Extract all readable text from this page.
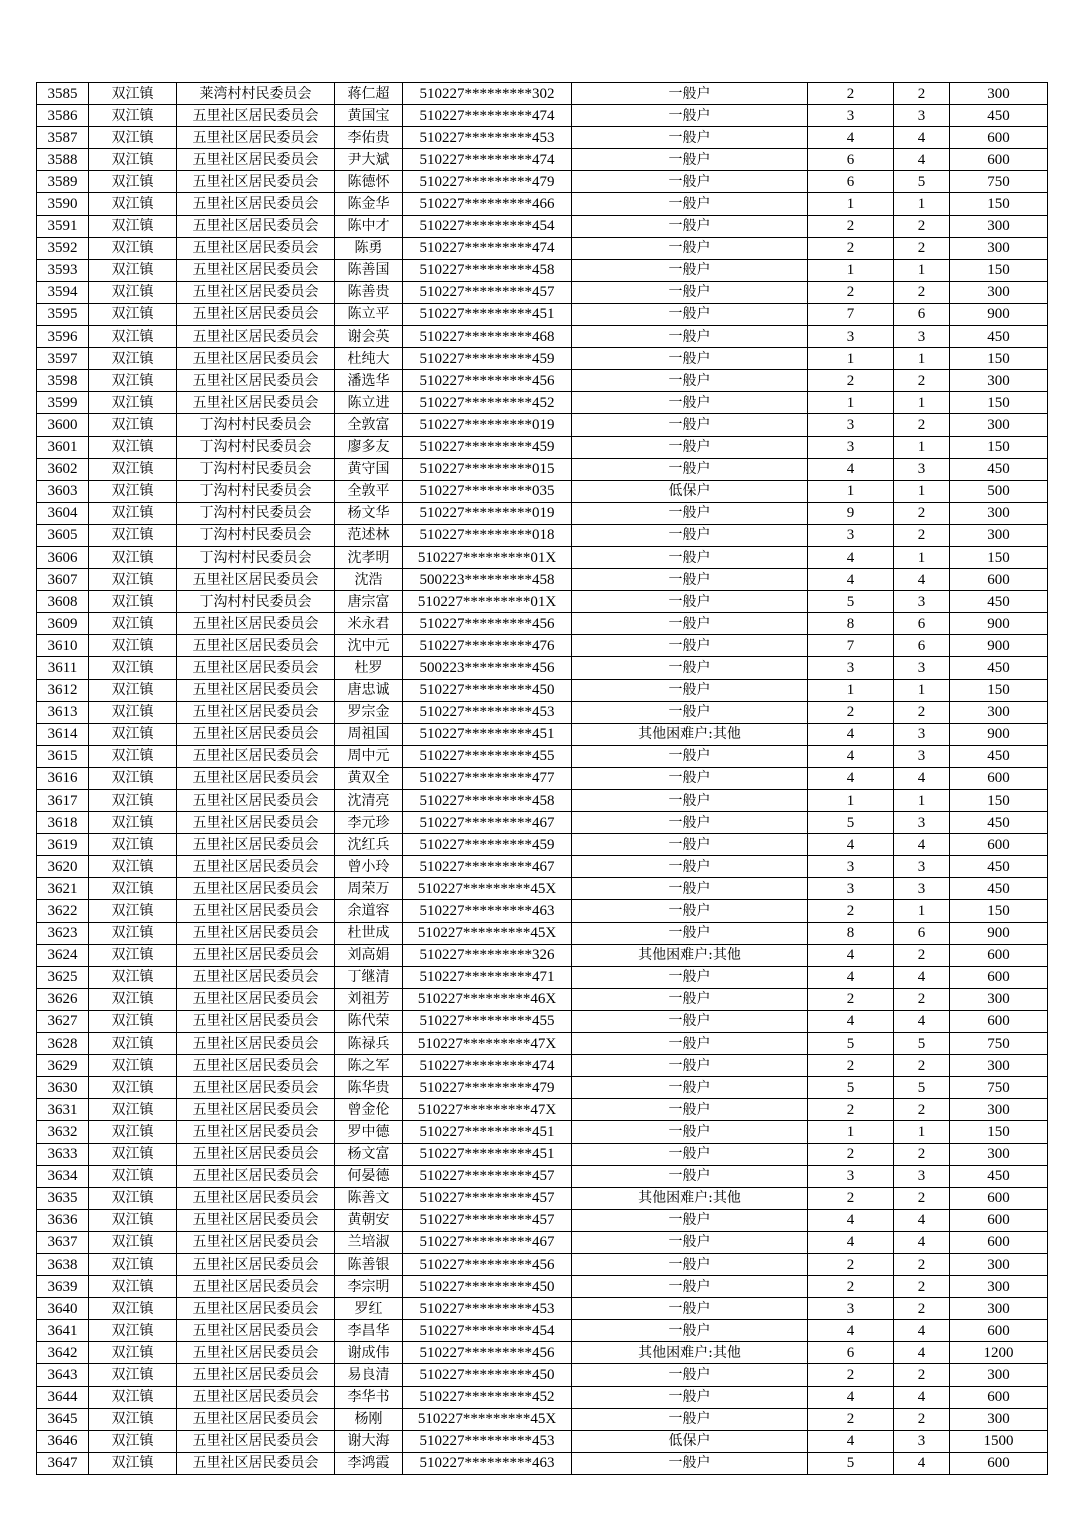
3585	双江镇	莱湾村村民委员会	蒋仁超	510227*********302	一般户	2	2	300
3586	双江镇	五里社区居民委员会	黄国宝	510227*********474	一般户	3	3	450
3587	双江镇	五里社区居民委员会	李佑贵	510227*********453	一般户	4	4	600
3588	双江镇	五里社区居民委员会	尹大斌	510227*********474	一般户	6	4	600
3589	双江镇	五里社区居民委员会	陈德怀	510227*********479	一般户	6	5	750
3590	双江镇	五里社区居民委员会	陈金华	510227*********466	一般户	1	1	150
3591	双江镇	五里社区居民委员会	陈中才	510227*********454	一般户	2	2	300
3592	双江镇	五里社区居民委员会	陈勇	510227*********474	一般户	2	2	300
3593	双江镇	五里社区居民委员会	陈善国	510227*********458	一般户	1	1	150
3594	双江镇	五里社区居民委员会	陈善贵	510227*********457	一般户	2	2	300
3595	双江镇	五里社区居民委员会	陈立平	510227*********451	一般户	7	6	900
3596	双江镇	五里社区居民委员会	谢会英	510227*********468	一般户	3	3	450
3597	双江镇	五里社区居民委员会	杜纯大	510227*********459	一般户	1	1	150
3598	双江镇	五里社区居民委员会	潘选华	510227*********456	一般户	2	2	300
3599	双江镇	五里社区居民委员会	陈立进	510227*********452	一般户	1	1	150
3600	双江镇	丁沟村村民委员会	全敦富	510227*********019	一般户	3	2	300
3601	双江镇	丁沟村村民委员会	廖多友	510227*********459	一般户	3	1	150
3602	双江镇	丁沟村村民委员会	黄守国	510227*********015	一般户	4	3	450
3603	双江镇	丁沟村村民委员会	全敦平	510227*********035	低保户	1	1	500
3604	双江镇	丁沟村村民委员会	杨文华	510227*********019	一般户	9	2	300
3605	双江镇	丁沟村村民委员会	范述林	510227*********018	一般户	3	2	300
3606	双江镇	丁沟村村民委员会	沈孝明	510227*********01X	一般户	4	1	150
3607	双江镇	五里社区居民委员会	沈浩	500223*********458	一般户	4	4	600
3608	双江镇	丁沟村村民委员会	唐宗富	510227*********01X	一般户	5	3	450
3609	双江镇	五里社区居民委员会	米永君	510227*********456	一般户	8	6	900
3610	双江镇	五里社区居民委员会	沈中元	510227*********476	一般户	7	6	900
3611	双江镇	五里社区居民委员会	杜罗	500223*********456	一般户	3	3	450
3612	双江镇	五里社区居民委员会	唐忠诚	510227*********450	一般户	1	1	150
3613	双江镇	五里社区居民委员会	罗宗金	510227*********453	一般户	2	2	300
3614	双江镇	五里社区居民委员会	周祖国	510227*********451	其他困难户:其他	4	3	900
3615	双江镇	五里社区居民委员会	周中元	510227*********455	一般户	4	3	450
3616	双江镇	五里社区居民委员会	黄双全	510227*********477	一般户	4	4	600
3617	双江镇	五里社区居民委员会	沈清亮	510227*********458	一般户	1	1	150
3618	双江镇	五里社区居民委员会	李元珍	510227*********467	一般户	5	3	450
3619	双江镇	五里社区居民委员会	沈红兵	510227*********459	一般户	4	4	600
3620	双江镇	五里社区居民委员会	曾小玲	510227*********467	一般户	3	3	450
3621	双江镇	五里社区居民委员会	周荣万	510227*********45X	一般户	3	3	450
3622	双江镇	五里社区居民委员会	余道容	510227*********463	一般户	2	1	150
3623	双江镇	五里社区居民委员会	杜世成	510227*********45X	一般户	8	6	900
3624	双江镇	五里社区居民委员会	刘高娟	510227*********326	其他困难户:其他	4	2	600
3625	双江镇	五里社区居民委员会	丁继清	510227*********471	一般户	4	4	600
3626	双江镇	五里社区居民委员会	刘祖芳	510227*********46X	一般户	2	2	300
3627	双江镇	五里社区居民委员会	陈代荣	510227*********455	一般户	4	4	600
3628	双江镇	五里社区居民委员会	陈禄兵	510227*********47X	一般户	5	5	750
3629	双江镇	五里社区居民委员会	陈之军	510227*********474	一般户	2	2	300
3630	双江镇	五里社区居民委员会	陈华贵	510227*********479	一般户	5	5	750
3631	双江镇	五里社区居民委员会	曾金伦	510227*********47X	一般户	2	2	300
3632	双江镇	五里社区居民委员会	罗中德	510227*********451	一般户	1	1	150
3633	双江镇	五里社区居民委员会	杨文富	510227*********451	一般户	2	2	300
3634	双江镇	五里社区居民委员会	何晏德	510227*********457	一般户	3	3	450
3635	双江镇	五里社区居民委员会	陈善文	510227*********457	其他困难户:其他	2	2	600
3636	双江镇	五里社区居民委员会	黄朝安	510227*********457	一般户	4	4	600
3637	双江镇	五里社区居民委员会	兰培淑	510227*********467	一般户	4	4	600
3638	双江镇	五里社区居民委员会	陈善银	510227*********456	一般户	2	2	300
3639	双江镇	五里社区居民委员会	李宗明	510227*********450	一般户	2	2	300
3640	双江镇	五里社区居民委员会	罗红	510227*********453	一般户	3	2	300
3641	双江镇	五里社区居民委员会	李昌华	510227*********454	一般户	4	4	600
3642	双江镇	五里社区居民委员会	谢成伟	510227*********456	其他困难户:其他	6	4	1200
3643	双江镇	五里社区居民委员会	易良清	510227*********450	一般户	2	2	300
3644	双江镇	五里社区居民委员会	李华书	510227*********452	一般户	4	4	600
3645	双江镇	五里社区居民委员会	杨刚	510227*********45X	一般户	2	2	300
3646	双江镇	五里社区居民委员会	谢大海	510227*********453	低保户	4	3	1500
3647	双江镇	五里社区居民委员会	李鸿霞	510227*********463	一般户	5	4	600
